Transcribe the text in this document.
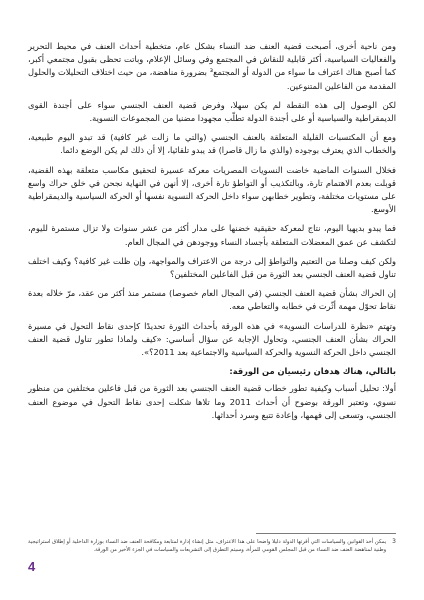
ومن ناحية أخرى، أصبحت قضية العنف ضد النساء بشكل عام، متخطية أحداث العنف في محيط التحرير والفعاليات السياسية، أكثر قابلية للنقاش في المجتمع وفي وسائل الإعلام، وباتت تحظى بقبول مجتمعي أكبر، كما أصبح هناك اعتراف ما سواء من الدولة أو المجتمع³ بضرورة مناهضة، من حيث اختلاف التحليلات والحلول المقدمة من الفاعلين المتنوعين.

لكن الوصول إلى هذه النقطة لم يكن سهلا، وفرض قضية العنف الجنسي سواء على أجندة القوى الديمقراطية والسياسية أو على أجندة الدولة تطلّب مجهودا مضنيا من المجموعات النسوية.

ومع أن المكتسبات القليلة المتعلقة بالعنف الجنسي (والتي ما زالت غير كافية) قد تبدو اليوم طبيعية، والخطاب الذي يعترف بوجوده (والذي ما زال قاصرا) قد يبدو تلقائيا، إلا أن ذلك لم يكن الوضع دائما.

فخلال السنوات الماضية خاضت النسويات المصريات معركة عسيرة لتحقيق مكاسب متعلقة بهذه القضية، قوبلت بعدم الاهتمام تارة، وبالتكذيب أو التواطؤ تارة أخرى، إلا أنهن في النهاية نجحن في خلق حراك واسع على مستويات مختلفة، وتطوير خطابهن سواء داخل الحركة النسوية نفسها أو الحركة السياسية والديمقراطية الأوسع.

فما يبدو بديهيا اليوم، نتاج لمعركة حقيقية خضنها على مدار أكثر من عشر سنوات ولا تزال مستمرة لليوم، لتكشف عن عمق المعضلات المتعلقة بأجساد النساء ووجودهن في المجال العام.

ولكن كيف وصلنا من التعتيم والتواطؤ إلى درجة من الاعتراف والمواجهة، وإن ظلت غير كافية؟ وكيف اختلف تناول قضية العنف الجنسي بعد الثورة من قبل الفاعلين المختلفين؟

إن الحراك بشأن قضية العنف الجنسي (في المجال العام خصوصا) مستمر منذ أكثر من عقد، مرّ خلاله بعدة نقاط تحوّل مهمة أثّرت في خطابه والتعاطي معه.

وتهتم «نظرة للدراسات النسوية» في هذه الورقة بأحداث الثورة تحديدًا كإحدى نقاط التحول في مسيرة الحراك بشأن العنف الجنسي، وتحاول الإجابة عن سؤال أساسي: «كيف ولماذا تطور تناول قضية العنف الجنسي داخل الحركة النسوية والحركة السياسية والاجتماعية بعد 2011؟».

بالتالي، هناك هدفان رئيسيان من الورقة:

أولا: تحليل أسباب وكيفية تطور خطاب قضية العنف الجنسي بعد الثورة من قبل فاعلين مختلفين من منظور نسوي، وتعتبر الورقة بوضوح أن أحداث 2011 وما تلاها شكلت إحدى نقاط التحول في موضوع العنف الجنسي، وتسعى إلى فهمها، وإعادة تتبع وسرد أحداثها.

3
يمكن أخذ القوانين والسياسات التي أقرتها الدولة دليلا واضحا على هذا الاعتراف، مثل إنشاء إدارة لمتابعة ومكافحة العنف ضد النساء بوزارة الداخلية أو إطلاق استراتيجية وطنية لمناهضة العنف ضد النساء من قبل المجلس القومي للمرأة، وسيتم التطرق إلى التشريعات والسياسات في الجزء الأخير من الورقة.
4
